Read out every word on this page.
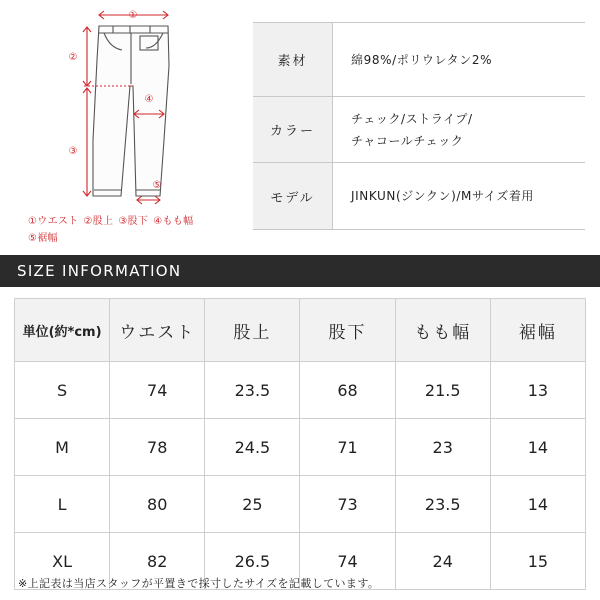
①
②
③
④
⑤
①ウエスト ②股上 ③股下 ④もも幅
⑤裾幅
素材	綿98%/ポリウレタン2%
カラー	チェック/ストライプ/
チャコールチェック

モデル	JINKUN(ジンクン)/Mサイズ着用
SIZE INFORMATION
単位(約*cm)	ウエスト	股上	股下	もも幅	裾幅
S	74	23.5	68	21.5	13
M	78	24.5	71	23	14
L	80	25	73	23.5	14
XL	82	26.5	74	24	15
※上記表は当店スタッフが平置きで採寸したサイズを記載しています。
